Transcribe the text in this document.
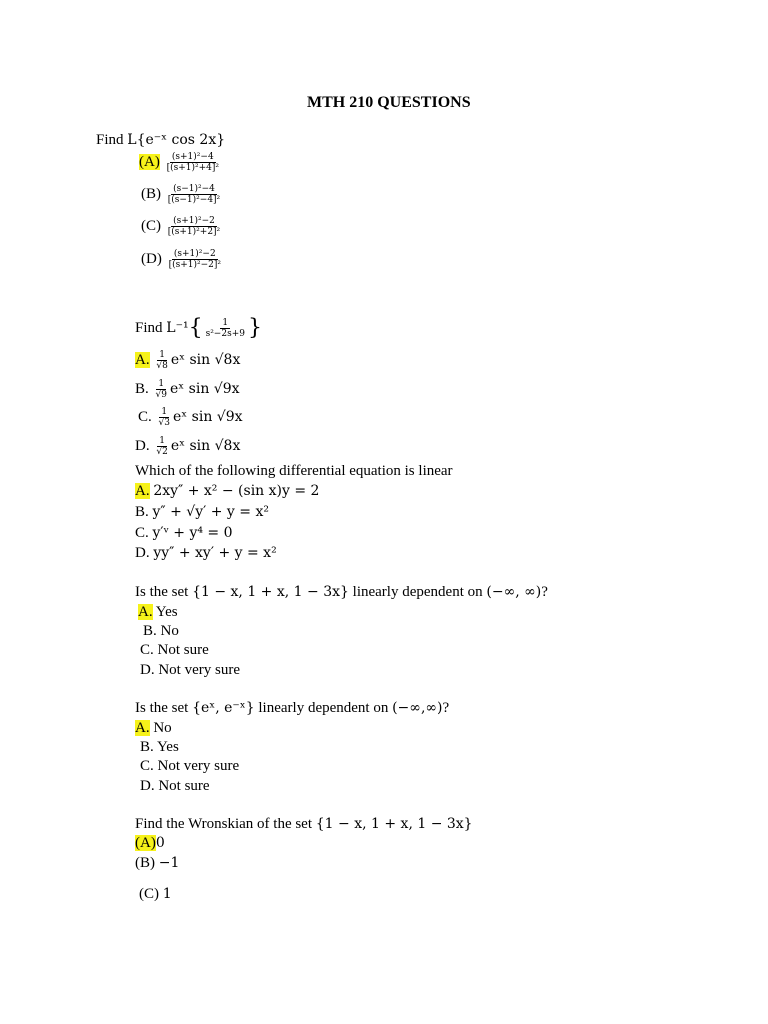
MTH 210 QUESTIONS
Find L{e⁻ˣ cos 2x}
$(A) \frac{\text{(s+1)²−4}}{\text{[(s+1)²+4]²}}$
$(B) \frac{\text{(s−1)²−4}}{\text{[(s−1)²−4]²}}$
$(C) \frac{\text{(s+1)²−2}}{\text{[(s+1)²+2]²}}$
$(D) \frac{\text{(s+1)²−2}}{\text{[(s+1)²−2]²}}$
Find $L^{-1}\{ \frac{1}{\text{s²−2s+9}}$ }
A. $\frac{1}{√8}$ eˣ sin √8x
B. $\frac{1}{√9}$ eˣ sin √9x
C. $\frac{1}{√3}$ eˣ sin √9x
D. $\frac{1}{√2}$ eˣ sin √8x
Which of the following differential equation is linear
A. 2xy″ + x² − (sin x)y = 2
B. y″ + √y′ + y = x²
C. y′ᵛ + y⁴ = 0
D. yy″ + xy′ + y = x²
Is the set {1 − x, 1 + x, 1 − 3x} linearly dependent on (−∞, ∞)?
A. Yes
B. No
C. Not sure
D. Not very sure
Is the set {eˣ, e⁻ˣ} linearly dependent on (−∞,∞)?
A. No
B. Yes
C. Not very sure
D. Not sure
Find the Wronskian of the set {1 − x, 1 + x, 1 − 3x}
(A)0
(B) −1
(C) 1
